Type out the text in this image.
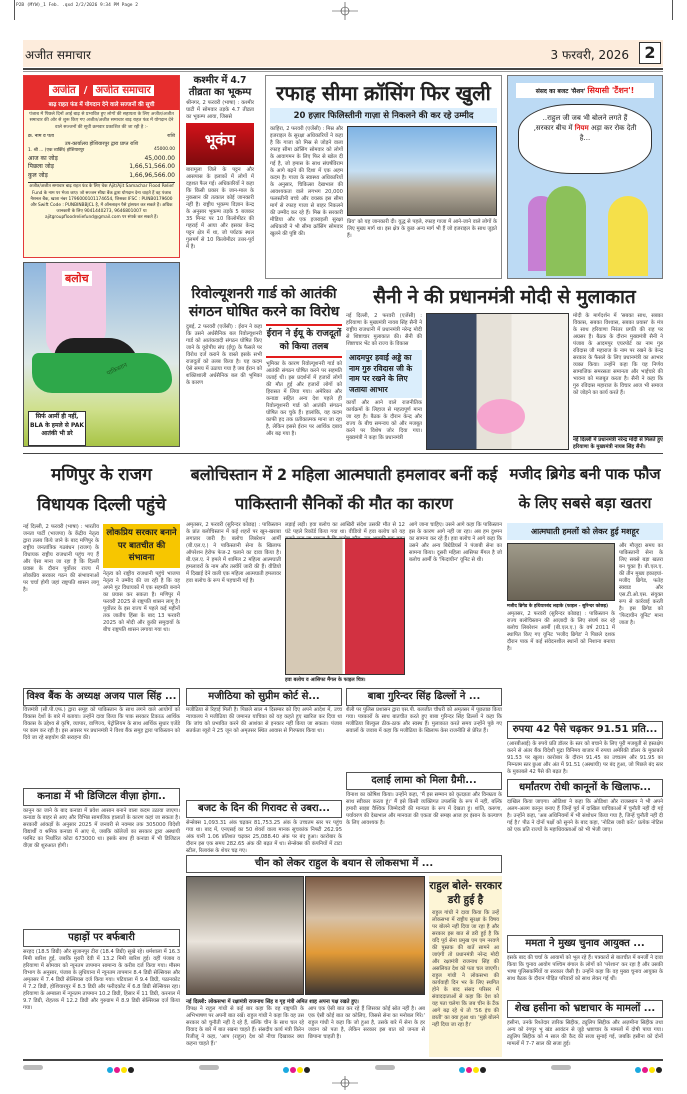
P2B (MYW)_1 Feb. .qxd 2/2/2026 9:34 PM Page 2
अजीत समाचार	3 फरवरी, 2026 2
अजीत / अजीत समाचार
बाढ़ राहत फंड में योगदान देने वाले सज्जनों की सूची
पंजाब में पिछले दिनों आई बाढ़ से प्रभावित हुए लोगों की सहायता के लिए अजीत/अजीत समाचार की ओर से शुरू किए गए अजीत/अजीत समाचार बाढ़ राहत फंड में योगदान देने वाले सज्जनों की सूची क्रमवार प्रकाशित की जा रही है :-
क्र. नाम व पता	राशि
उप-कार्यालय होशियारपुर द्वारा प्राप्त राशि
1. श्री ... (एक व्यक्ति) होशियारपुर	45000.00
आज का जोड़	45,000.00
पिछला जोड़	1,66,51,566.00
कुल जोड़	1,66,96,566.00
अजीत/अजीत समाचार बाढ़ राहत फंड के लिए चेक Ajit/Ajit Samachar Flood Relief Fund के नाम पर भेजा जाए। जो सज्जन सीधा बैंक द्वारा योगदान देना चाहते हैं वह पंजाब नैशनल बैंक, खाता नंबर 1796000101174654, जिसका IFSC : PUNB0179600 और Swift Code : PUNBINBBJCL है, में ऑनलाइन पैसे ट्रांसफर कर सकते हैं। अधिक जानकारी के लिए 9041440273, 9646801007 या ajitgroupfloodreliefund@gmail.com पर संपर्क कर सकते हैं।
पाकिस्तान
बलोच
सिर्फ आर्मी ही नहीं, BLA के हमले से PAK आतंकी भी डरे
कश्मीर में 4.7 तीव्रता का भूकम्प
श्रीनगर, 2 फरवरी (भाषा) : कश्मीर घाटी में सोमवार तड़के 4.7 तीव्रता का भूकम्प आया, जिससे
भूकंप
बारामूला जिले के पट्टन और आसपास के इलाकों में लोगों में दहशत फैल गई। अधिकारियों ने कहा कि किसी प्रकार के जान-माल के नुकसान की तत्काल कोई जानकारी नहीं है। राष्ट्रीय भूकम्प विज्ञान केन्द्र के अनुसार भूकम्प तड़के 5 बजकर 35 मिनट पर 10 किलोमीटर की गहराई में आया और इसका केन्द्र पट्टन क्षेत्र में था, जो पर्यटक स्थल गुलमर्ग से 10 किलोमीटर उत्तर-पूर्व में है।
रफाह सीमा क्रॉसिंग फिर खुली
20 हज़ार फिलिस्तीनी गाज़ा से निकलने की कर रहे उम्मीद
काहिरा, 2 फरवरी (एजेंसी) : मिस्र और इजराइल के सुरक्षा अधिकारियों ने कहा है कि गाजा को मिस्र से जोड़ने वाला रफाह सीमा क्रॉसिंग सोमवार को लोगों के आवागमन के लिए फिर से खोल दी गई है, जो हमास के साथ संघर्षविराम के आगे बढ़ने की दिशा में एक अहम कदम है। गाजा के स्वास्थ्य अधिकारियों के अनुसार, चिकित्सा देखभाल की आवश्यकता वाले लगभग 20,000 फलस्तीनी बच्चे और वयस्क इस सीमा मार्ग से रफाह गाजा से बाहर निकलने की उम्मीद कर रहे हैं। मिस्र के सरकारी मीडिया और एक इजराइली सुरक्षा अधिकारी ने भी सीमा क्रॉसिंग सोमवार खुलने की पुष्टि की।
प्रिय' को यह जानकारी दी। युद्ध से पहले, रफाह गाजा में आने-जाने वाले लोगों के लिए मुख्य मार्ग था। इस क्षेत्र के कुछ अन्य मार्ग भी हैं जो इजराइल के साथ जुड़ते हैं।
संसद का बजट 'सैशन' सियासी 'टैंशन'!
..राहुल जी जब भी बोलने लगते हैं ,सरकार बीच में नियम अड़ा कर रोक देती है...
रिवोल्यूशनरी गार्ड को आतंकी संगठन घोषित करने का विरोध
दुबई, 2 फरवरी (एजेंसी) : ईरान ने कहा कि उसने अर्धसैनिक बल रिवोल्यूशनरी गार्ड को आतंकवादी संगठन घोषित किए जाने के यूरोपीय संघ (ईयू) के फैसले पर विरोध दर्ज कराने के वास्ते इसके सभी राजदूतों को तलब किया है। यह कदम ऐसे समय में उठाया गया है जब ईरान को शक्तिशाली अर्धसैनिक बल की भूमिका के कारण
ईरान ने ईयू के राजदूतों को किया तलब
भूमिका के कारण रिवोल्यूशनरी गार्ड को आतंकी संगठन घोषित करने पर सहमति जताई थी। इस प्रदर्शनों में हजारों लोगों की मौत हुई और हजारों लोगों को हिरासत में लिया गया। अमेरिका और कनाडा सहित अन्य देश पहले ही रिवोल्यूशनरी गार्ड को आतंकी संगठन घोषित कर चुके हैं। हालांकि, यह कदम काफी हद तक प्रतीकात्मक माना जा रहा है, लेकिन इससे ईरान पर आर्थिक दबाव और बढ़ गया है।
सैनी ने की प्रधानमंत्री मोदी से मुलाकात
नई दिल्ली, 2 फरवरी (एजेंसी) : हरियाणा के मुख्यमंत्री नायब सिंह सैनी ने राष्ट्रीय राजधानी में प्रधानमंत्री नरेन्द्र मोदी से शिष्टाचार मुलाकात की। सैनी की शिष्टाचार भेंट को राज्य के विकास
आदमपुर हवाई अड्डे का नाम गुरु रविदास जी के नाम पर रखने के लिए जताया आभार
कार्यों और आने वाले राजनीतिक कार्यक्रमों के लिहाज से महत्वपूर्ण माना जा रहा है। बैठक के दौरान केन्द्र और राज्य के बीच समन्वय को और मजबूत करने पर विशेष जोर दिया गया। मुख्यमंत्री ने कहा कि प्रधानमंत्री
मोदी के मार्गदर्शन में 'सबका साथ, सबका विकास, सबका विश्वास, सबका प्रयास' के मंत्र के साथ हरियाणा निरंतर प्रगति की राह पर अग्रसर है। बैठक के दौरान मुख्यमंत्री सैनी ने पंजाब के आदमपुर एयरपोर्ट का नाम गुरु रविदास जी महाराज के नाम पर रखने के केन्द्र सरकार के फैसले के लिए प्रधानमंत्री का आभार व्यक्त किया। उन्होंने कहा कि यह निर्णय सामाजिक समरसता समानता और भाईचारे की भावना को मजबूत करता है। सैनी ने कहा कि गुरु रविदास महाराज के विचार आज भी समाज को जोड़ने का कार्य करते हैं।
नई दिल्ली में प्रधानमंत्री नरेन्द्र मोदी से मिलते हुए हरियाणा के मुख्यमंत्री नायब सिंह सैनी।
मणिपुर के राजग विधायक दिल्ली पहुंचे
नई दिल्ली, 2 फरवरी (भाषा) : भारतीय जनता पार्टी (भाजपा) के केंद्रीय नेतृत्व द्वारा तलब किये जाने के बाद मणिपुर के राष्ट्रीय जनतांत्रिक गठबंधन (राजग) के विधायक राष्ट्रीय राजधानी पहुंच गए हैं और ऐसा माना जा रहा है कि दिल्ली प्रवास के दौरान पूर्वोत्तर राज्य में लोकप्रिय सरकार गठन की संभावनाओं पर चर्चा होगी जहां राष्ट्रपति शासन लागू है।
लोकप्रिय सरकार बनाने पर बातचीत की संभावना
नेतृत्व को राष्ट्रीय राजधानी पहुंचे भाजपा नेतृत्व ने उम्मीद की जा रही है कि वह अपने गुट विधायकों में एक सहमति बनाने का प्रयास कर सकता है। मणिपुर में फरवरी 2025 से राष्ट्रपति शासन लागू है। पूर्वोत्तर के इस राज्य में पहले कई महीनों तक जातीय हिंसा के बाद 13 फरवरी 2025 को मोदी और कुकी समुदायों के बीच राष्ट्रपति शासन लगाया गया था।
बलोचिस्तान में 2 महिला आत्मघाती हमलावर बनीं कई पाकिस्तानी सैनिकों की मौत का कारण
अमृतसर, 2 फरवरी (सुरिन्दर कोछड़) : पाकिस्तान के प्रांत बलोचिस्तान में कई शहरों पर खून-खराबा लगातार जारी है। बलोच लिबरेशन आर्मी (बी.एल.ए.) ने पाकिस्तानी सेना के खिलाफ ऑपरेशन हेरोफ फेज-2 चलाने का दावा किया है। बी.एल.ए. ने हमले में शामिल 2 महिला आत्मघाती हमलावरों के नाम और तस्वीरें जारी की हैं। वीडियो में दिखाई देने वाली एक महिला आत्मघाती हमलावर हवा बलोच के रूप में पहचानी गई है।
लड़ाई लड़ी। हवा बलोच का आखिरी संदेश उसकी मौत से 12 घंटे पहले रिकॉर्ड किया गया था। वीडियो में हवा बलोच को यह
हवा बलोच व आसिफा मैंगल के फाइल चित्र।
आगे जाना चाहिए। उसने आगे कहा कि पाकिस्तान इस के कारण आगे नहीं जा रहा। अब हम दुश्मन का सामना कर रहे हैं। हवा बलोच ने आगे कहा कि उसने और अन्य बिग्रेडियर्स ने पंजाबी सेना का सामना किया। दूसरी महिला आसिफा मैंगल है जो बलोच आर्मी के 'फिदायीन' यूनिट से थी।
मजीद ब्रिगेड बनी पाक फौज के लिए सबसे बड़ा खतरा
आत्मघाती हमलों को लेकर हुई मशहूर
मजीद ब्रिगेड के हथियारबंद लड़ाके (फाइल - सुरिन्दर कोछड़)
अमृतसर, 2 फरवरी (सुरिन्दर कोछड़) : पाकिस्तान के राज्य बलोचिस्तान की आज़ादी के लिए संघर्ष कर रहे बलोच लिबरेशन आर्मी (बी.एल.ए.) के वर्ष 2011 में स्थापित किए गए यूनिट 'मजीद ब्रिगेड' ने पिछले दशक दौरान पाक में कई संवेदनशील स्थानों को निशाना बनाया है।
और मौजूदा समय का पाकिस्तानी सेना के लिए सबसे बड़ा खतरा बन चुका है। बी.एल.ए. की तीन मुख्य इकाइयां-मजीद ब्रिगेड, फतेह स्क्वाड और एस.टी.ओ.एस. संयुक्त रूप से कार्रवाई करती है। इस ब्रिगेड को 'फिदायीन यूनिट' माना जाता है।
विश्व बैंक के अध्यक्ष अजय पाल सिंह ...
वित्तमंत्री (सी.पी.एफ.) द्वारा समूह को पाकिस्तान के साथ लगने वाले आयोगों को विकास देशों के बारे में बताया। उन्होंने दावा किया कि पाक सरकार टिकाऊ आर्थिक विकास के उद्देश्य से कृषि, व्यापार, वाणिज्य, पेट्रोलियम के साथ आर्थिक सुधार एजेंडे पर काम कर रही है। इस अवसर पर प्रधानमंत्री ने विश्व बैंक समूह द्वारा पाकिस्तान को दिये जा रहे सहयोग की सराहना की।
मजीठिया को सुप्रीम कोर्ट से...
मजीठिया से रिहाई मिली है। पिछले साल 4 दिसम्बर को दिए अपने आदेश में, उच्च न्यायालय ने मजीठिया की जमानत याचिका को यह कहते हुए खारिज कर दिया था कि जांच को प्रभावित करने की आशंका से इनकार नहीं किया जा सकता। पंजाब सतर्कता ब्यूरो ने 25 जून को अमृतसर स्थित आवास से गिरफ्तार किया था।
बाबा गुरिन्दर सिंह ढिल्लों ने ...
शैली पर पुलिस प्रशासन द्वारा एस.पी. बलजीत चौधरी को अमृतसर में पूछताछ किया गया। पत्रकारों के साथ बातचीत करते हुए बाबा गुरिन्दर सिंह ढिल्लों ने कहा कि मजीठिया बिल्कुल ठीक-ठाक और स्वस्थ हैं। मुलाकात करते समय उन्होंने पूछे गए सवालों के जवाब में कहा कि मजीठिया के खिलाफ केस राजनीति से प्रेरित हैं।	रुपया 42 पैसे चढ़कर 91.51 प्रति...
(आरबीआई) के रुपये प्रति डॉलर के स्तर को बचाने के लिए पूरी मजबूती से हस्तक्षेप करने से अंतर बैंक विदेशी मुद्रा विनिमय बाजार में रुपया अमेरिकी डॉलर के मुकाबले 91.53 पर खुला। कारोबार के दौरान 91.45 का उच्चतम और 91.95 का निम्नतम स्तर छुआ और अंत में 91.51 (अस्थायी) पर बंद हुआ, जो पिछले बंद स्तर के मुकाबले 42 पैसे की बढ़त है।
धर्मांतरण रोधी कानूनों के खिलाफ...
दाखिल किया जाएगा। ओडिशा ने कहा कि ओडिशा और राजस्थान ने भी अपने अलग-अलग कानून बनाए हैं जिन्हें पूर्व में दाखिल याचिकाओं में चुनौती नहीं दी गई है। उन्होंने कहा, 'अब अधिनियमों में भी संशोधन किया गया है, जिन्हें चुनौती नहीं दी गई है।' पीठ ने दोनों पक्षों को सुनने के बाद कहा, 'नोटिस जारी करें।' प्रत्येक नोटिस को एक प्रति राज्यों के महाधिवक्ताओं को भी भेजी जाए।
कनाडा में भी डिजिटल वीज़ा होगा..
कानून का जाने के बाद कनाडा में प्रवेश आसान बनाने वाला कदम उठाया जाएगा। कनाडा के बाहर से आए और विभिन्न सामाजिक हालातों के कारण कहां जा सकता है। सरकारी आंकड़ों के अनुसार 2025 में जनवरी से नवम्बर तक 305000 विदेशी विद्यार्थी व श्रमिक कनाडा में आए थे, जबकि कॉलेजों का सरकार द्वारा अस्थायी परमिट का निर्धारित कोटा 673000 था। इसके साथ ही कनाडा में भी डिजिटल वीज़ा की शुरुआत होगी।
बजट के दिन की गिरावट से उबरा...
सेन्सेक्स 1,093.31 अंक चढ़कर 81,753.25 अंक के उच्चतम स्तर पर पहुंच गया था। बाद में, एनएसई का 50 शेयरों वाला मानक सूचकांक निफ्टी 262.95 अंक यानी 1.06 प्रतिशत चढ़कर 25,088.40 अंक पर बंद हुआ। कारोबार के दौरान इस एक समय 282.65 अंक की बढ़त में था। सेन्सेक्स की कंपनियों में टाटा स्टील, रिलायंस के शेयर चढ़ गए।
दलाई लामा को मिला ग्रैमी...
विनाश का कोषिश किया। उन्होंने कहा, 'मैं इस सम्मान को कृतज्ञता और विनम्रता के साथ स्वीकार करता हूं।' मैं इसे किसी व्यक्तिगत उपलब्धि के रूप में नहीं, बल्कि हमारी साझा वैश्विक जिम्मेदारी की मान्यता के रूप में देखता हूं। शांति, करुणा, पर्यावरण की देखभाल और मानवता की एकता की समझ आज हर इंसान के कल्याण के लिए आवश्यक है।
पहाड़ों पर बर्फबारी
सरहद (18.5 डिग्री) और सुजानपुर टीरा (18.4 डिग्री) सूखे रहे। धर्मशाला में 16.3 मिमी बारिश हुई, जबकि मुरारी देवी में 13.2 मिमी बारिश हुई। वहीं पंजाब व हरियाणा में सोमवार को न्यूनतम तापमान सामान्य के करीब दर्ज किया गया। मौसम विभाग के अनुसार, पंजाब के लुधियाना में न्यूनतम तापमान 8.4 डिग्री सेल्सियस और अमृतसर में 7.4 डिग्री सेल्सियस दर्ज किया गया। पटियाला में 9.4 डिग्री, पठानकोट में 7.2 डिग्री, होशियारपुर में 8.3 डिग्री और फरीदकोट में 6.8 डिग्री सेल्सियस रहा। हरियाणा के अम्बाला में न्यूनतम तापमान 10.2 डिग्री, हिसार में 11 डिग्री, करनाल में 9.7 डिग्री, रोहतक में 12.2 डिग्री और गुरुग्राम में 8.9 डिग्री सेल्सियस दर्ज किया गया।
ममता ने मुख्य चुनाव आयुक्त ...
इसके बाद की चर्चा के आयामों को भूल रहे हैं। पत्रकारों से बातचीत में बनर्जी ने दावा किया कि चुनाव आयोग पश्चिम बंगाल के लोगों को 'परेशान' कर रहा है और उसकी भाषा पुलिसकर्मियों या सरकार जैसी है। उन्होंने कहा कि वह मुख्य चुनाव आयुक्त के साथ बैठक के दौरान पीड़ित परिवारों को साथ लेकर गई थीं।
शेख हसीना को भ्रष्टाचार के मामलों ...
हसीना, उनके रिश्तेदार तारिक सिद्दीक, ट्यूलिप सिद्दीक और अज़मीना सिद्दीक तथा अन्य को रंगपुर भू खंड आवंटन से जुड़े भ्रष्टाचार के मामलों में दोषी पाया गया। ट्यूलिप सिद्दीक को 4 साल की कैद की सजा सुनाई गई, जबकि हसीना को दोनों मामलों में 7-7 साल की सजा हुई।
चीन को लेकर राहुल के बयान से लोकसभा में ...
नई दिल्ली: लोकसभा में रक्षामंत्री राजनाथ सिंह व गृह मंत्री अमित शाह अपना पक्ष रखते हुए।
विपक्ष ने राहुल गांधी से कई बार कहा कि वह राष्ट्रपति के अभिभाषण पर अपनी बात रखें। राहुल गांधी ने कहा कि वह उस सरकार को चुनौती नहीं दे रहे हैं, बल्कि चीन के साथ चल रहे विवाद के बारे में बात रखना चाहते हैं। संसदीय कार्य मंत्री किरेन रिजीजू ने कहा, 'आप (राहुल) देश को नीचा दिखाकर क्या कहना चाहते हैं।'
आप एक ऐसी बात कर रहे हैं जिसका कोई स्रोत नहीं है। अब एक ऐसी कोई बात का कोलिए, जिससे सेना का मनोबल गिरे।' राहुल गांधी ने कहा कि जो हुआ है, उसके बारे में सेना के हर जवान को पता है, लेकिन सरकार इस बात को जनता से छिपाना चाहती है।
राहुल बोले- सरकार डरी हुई है
राहुल गांधी ने दावा किया कि उन्हें लोकसभा में राष्ट्रीय सुरक्षा के विषय पर बोलने नहीं दिया जा रहा है और सरकार इस बात से डरी हुई है कि यदि पूर्व सेना प्रमुख एम एम नरवणे की पुस्तक की बातें सामने आ जाएंगी तो प्रधानमंत्री नरेन्द्र मोदी और रक्षामंत्री राजनाथ सिंह की असलियत देश को पता चल जाएगी। राहुल गांधी ने लोकसभा की कार्यवाही दिन भर के लिए स्थगित होने के बाद संसद परिसर में संवाददाताओं से कहा कि देश को यह पता चलेगा कि जब चीन के टैंक आगे बढ़ रहे थे तो '56 इंच की छाती' का क्या हुआ था। 'मुझे बोलने नहीं दिया जा रहा है।'
